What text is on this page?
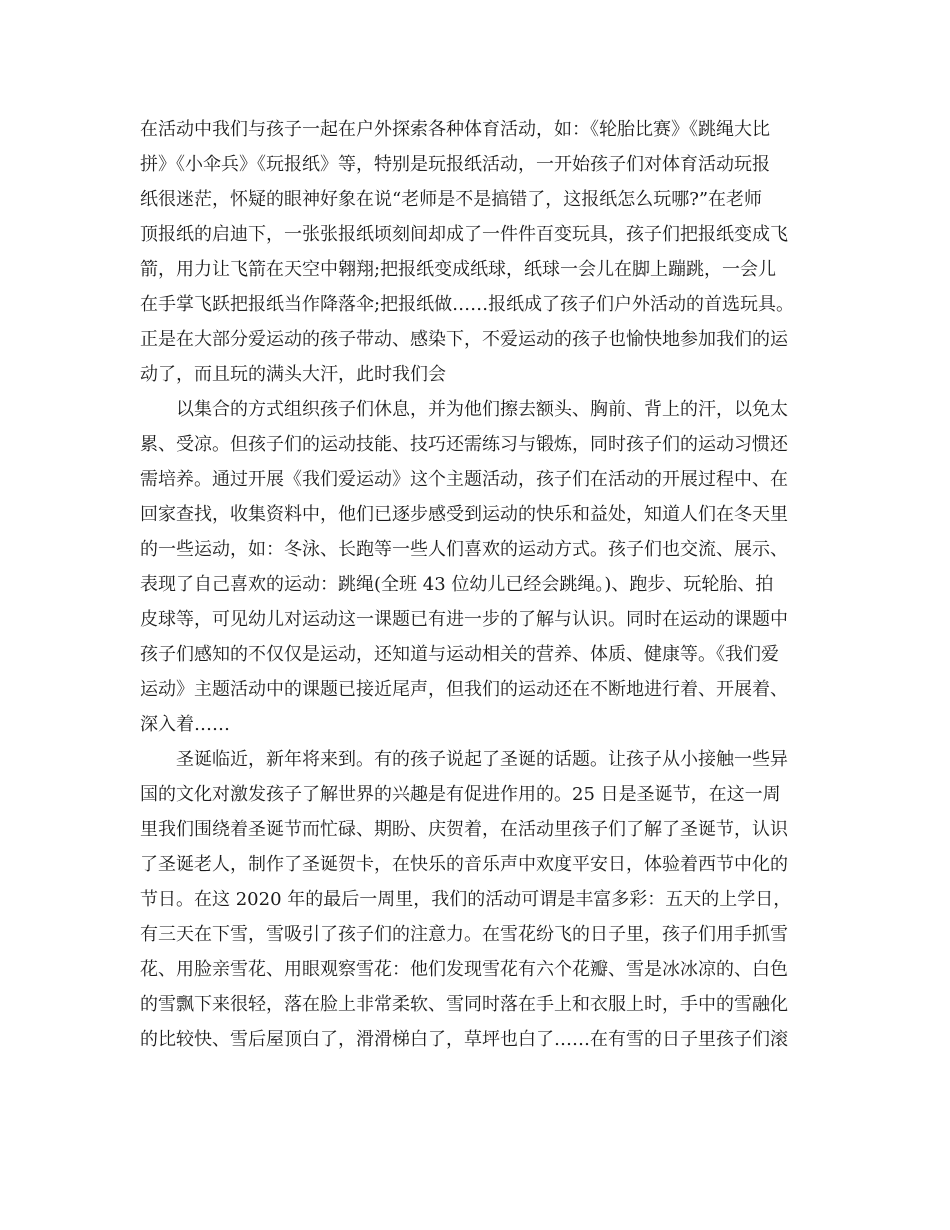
在活动中我们与孩子一起在户外探索各种体育活动，如：《轮胎比赛》《跳绳大比
拼》《小伞兵》《玩报纸》等，特别是玩报纸活动，一开始孩子们对体育活动玩报
纸很迷茫，怀疑的眼神好象在说“老师是不是搞错了，这报纸怎么玩哪?”在老师
顶报纸的启迪下，一张张报纸顷刻间却成了一件件百变玩具，孩子们把报纸变成飞
箭，用力让飞箭在天空中翱翔;把报纸变成纸球，纸球一会儿在脚上蹦跳，一会儿
在手掌飞跃把报纸当作降落伞;把报纸做……报纸成了孩子们户外活动的首选玩具。
正是在大部分爱运动的孩子带动、感染下，不爱运动的孩子也愉快地参加我们的运
动了，而且玩的满头大汗，此时我们会
以集合的方式组织孩子们休息，并为他们擦去额头、胸前、背上的汗，以免太
累、受凉。但孩子们的运动技能、技巧还需练习与锻炼，同时孩子们的运动习惯还
需培养。通过开展《我们爱运动》这个主题活动，孩子们在活动的开展过程中、在
回家查找，收集资料中，他们已逐步感受到运动的快乐和益处，知道人们在冬天里
的一些运动，如：冬泳、长跑等一些人们喜欢的运动方式。孩子们也交流、展示、
表现了自己喜欢的运动：跳绳(全班 43 位幼儿已经会跳绳。)、跑步、玩轮胎、拍
皮球等，可见幼儿对运动这一课题已有进一步的了解与认识。同时在运动的课题中
孩子们感知的不仅仅是运动，还知道与运动相关的营养、体质、健康等。《我们爱
运动》主题活动中的课题已接近尾声，但我们的运动还在不断地进行着、开展着、
深入着……
圣诞临近，新年将来到。有的孩子说起了圣诞的话题。让孩子从小接触一些异
国的文化对激发孩子了解世界的兴趣是有促进作用的。25 日是圣诞节，在这一周
里我们围绕着圣诞节而忙碌、期盼、庆贺着，在活动里孩子们了解了圣诞节，认识
了圣诞老人，制作了圣诞贺卡，在快乐的音乐声中欢度平安日，体验着西节中化的
节日。在这 2020 年的最后一周里，我们的活动可谓是丰富多彩：五天的上学日，
有三天在下雪，雪吸引了孩子们的注意力。在雪花纷飞的日子里，孩子们用手抓雪
花、用脸亲雪花、用眼观察雪花：他们发现雪花有六个花瓣、雪是冰冰凉的、白色
的雪飘下来很轻，落在脸上非常柔软、雪同时落在手上和衣服上时，手中的雪融化
的比较快、雪后屋顶白了，滑滑梯白了，草坪也白了……在有雪的日子里孩子们滚
